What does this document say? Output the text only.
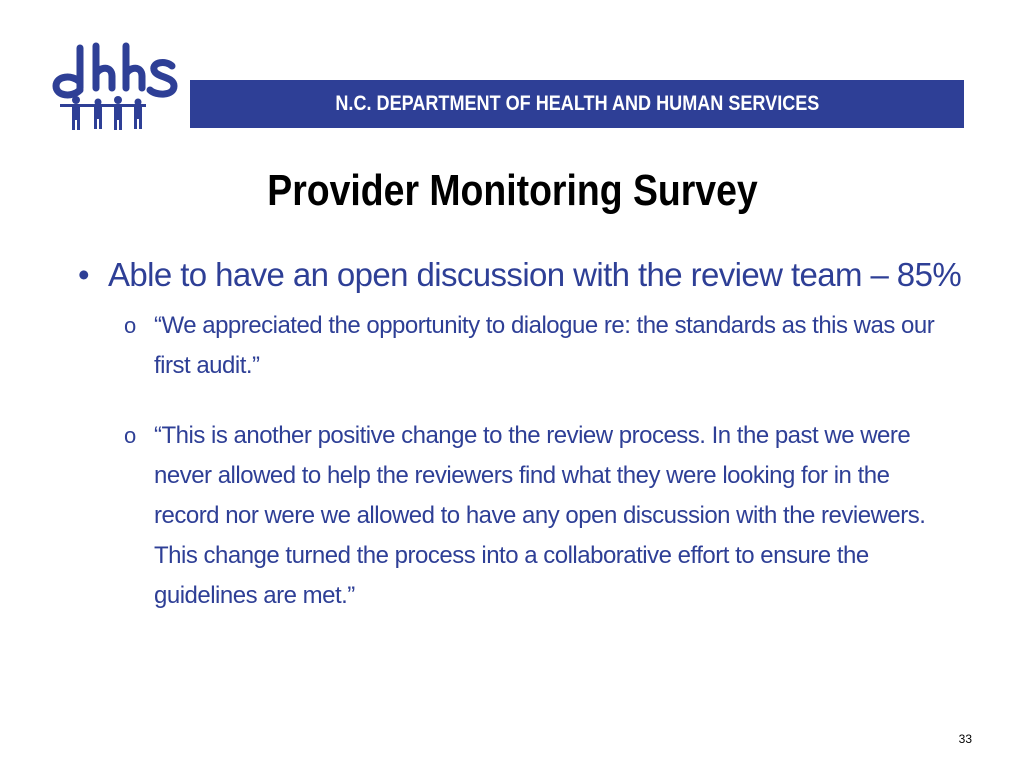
N.C. DEPARTMENT OF HEALTH AND HUMAN SERVICES
Provider Monitoring Survey
• Able to have an open discussion with the review team – 85%
o “We appreciated the opportunity to dialogue re: the standards as this was our first audit.”
o “This is another positive change to the review process. In the past we were never allowed to help the reviewers find what they were looking for in the record nor were we allowed to have any open discussion with the reviewers. This change turned the process into a collaborative effort to ensure the guidelines are met.”
33
